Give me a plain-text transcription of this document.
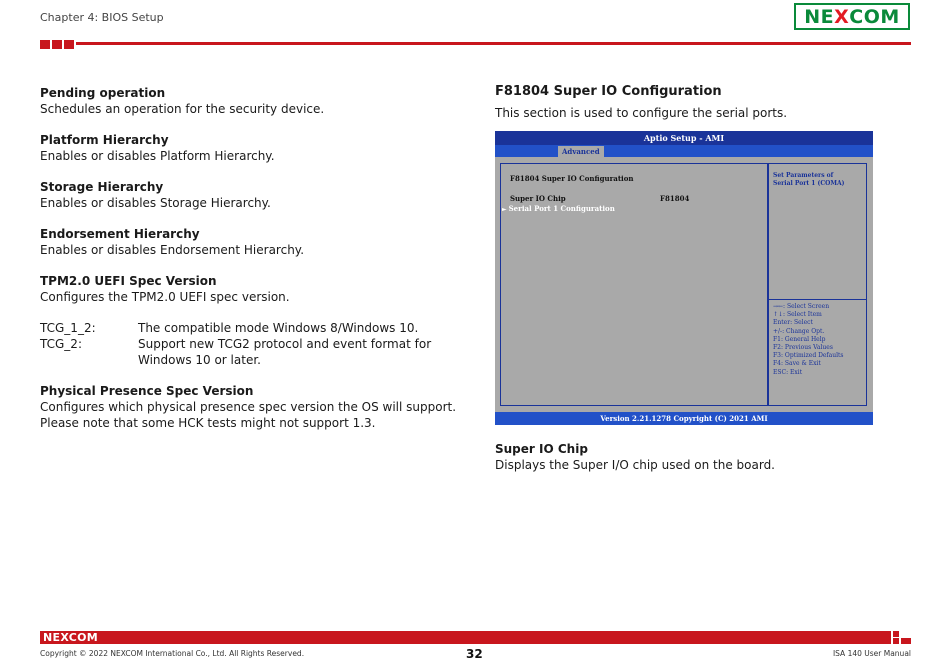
Chapter 4: BIOS Setup	NE X COM
Pending operation
Schedules an operation for the security device.
Platform Hierarchy
Enables or disables Platform Hierarchy.
Storage Hierarchy
Enables or disables Storage Hierarchy.
Endorsement Hierarchy
Enables or disables Endorsement Hierarchy.
TPM2.0 UEFI Spec Version
Configures the TPM2.0 UEFI spec version.
TCG_1_2:	The compatible mode Windows 8/Windows 10.
TCG_2:	Support new TCG2 protocol and event format for Windows 10 or later.
Physical Presence Spec Version
Configures which physical presence spec version the OS will support. Please note that some HCK tests might not support 1.3.
F81804 Super IO Configuration
This section is used to configure the serial ports.
Aptio Setup - AMI
Advanced
F81804 Super IO Configuration
Super IO Chip	F81804
► Serial Port 1 Configuration
Set Parameters of
Serial Port 1 (COMA)
→←: Select Screen
↑↓: Select Item
Enter: Select
+/-: Change Opt.
F1: General Help
F2: Previous Values
F3: Optimized Defaults
F4: Save & Exit
ESC: Exit
Version 2.21.1278 Copyright (C) 2021 AMI
Super IO Chip
Displays the Super I/O chip used on the board.
NEXCOM
Copyright © 2022 NEXCOM International Co., Ltd. All Rights Reserved.	32	ISA 140 User Manual
